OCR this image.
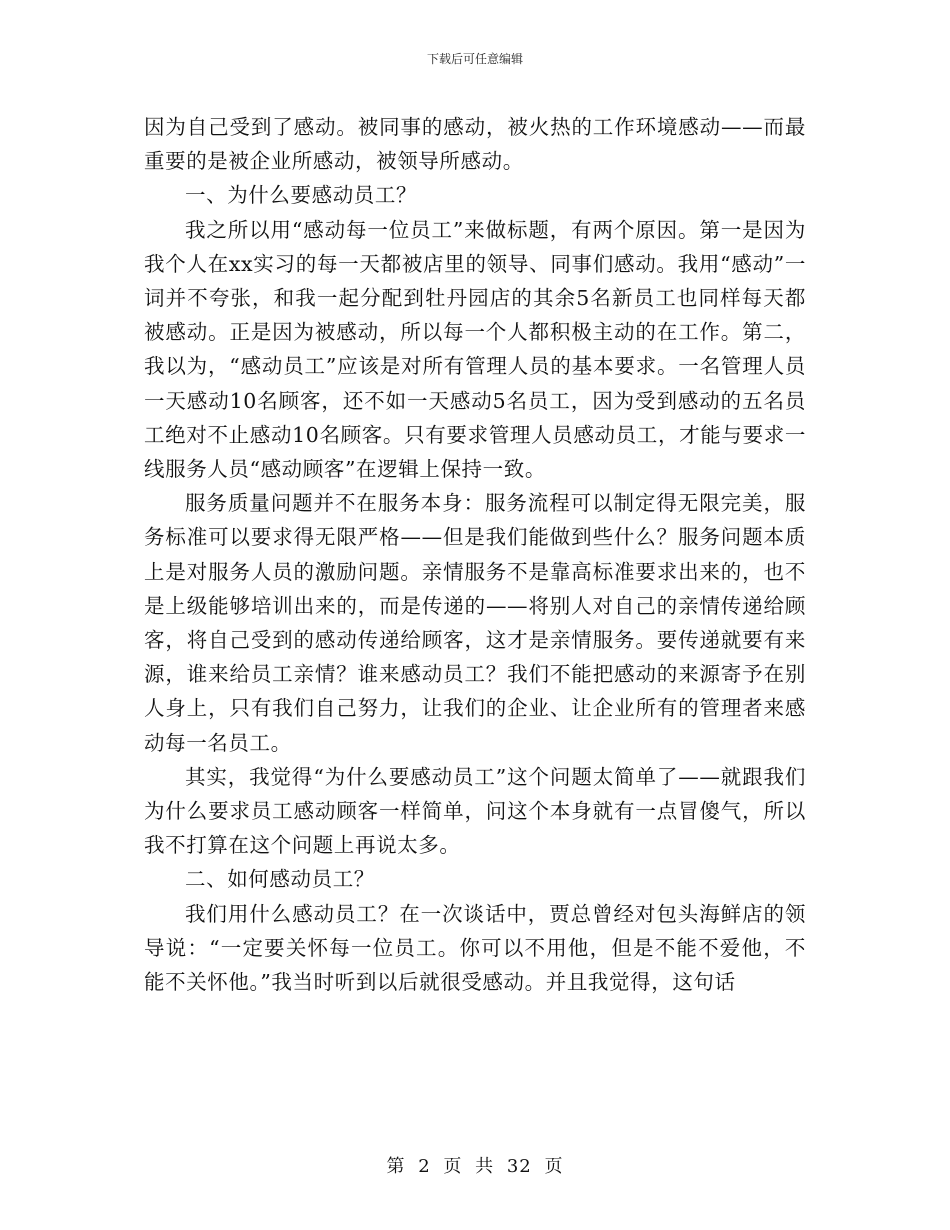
下载后可任意编辑

因为自己受到了感动。被同事的感动，被火热的工作环境感动——而最重要的是被企业所感动，被领导所感动。

一、为什么要感动员工？

我之所以用“感动每一位员工”来做标题，有两个原因。第一是因为我个人在xx实习的每一天都被店里的领导、同事们感动。我用“感动”一词并不夸张，和我一起分配到牡丹园店的其余5名新员工也同样每天都被感动。正是因为被感动，所以每一个人都积极主动的在工作。第二，我以为，“感动员工”应该是对所有管理人员的基本要求。一名管理人员一天感动10名顾客，还不如一天感动5名员工，因为受到感动的五名员工绝对不止感动10名顾客。只有要求管理人员感动员工，才能与要求一线服务人员“感动顾客”在逻辑上保持一致。

服务质量问题并不在服务本身：服务流程可以制定得无限完美，服务标准可以要求得无限严格——但是我们能做到些什么？服务问题本质上是对服务人员的激励问题。亲情服务不是靠高标准要求出来的，也不是上级能够培训出来的，而是传递的——将别人对自己的亲情传递给顾客，将自己受到的感动传递给顾客，这才是亲情服务。要传递就要有来源，谁来给员工亲情？谁来感动员工？我们不能把感动的来源寄予在别人身上，只有我们自己努力，让我们的企业、让企业所有的管理者来感动每一名员工。

其实，我觉得“为什么要感动员工”这个问题太简单了——就跟我们为什么要求员工感动顾客一样简单，问这个本身就有一点冒傻气，所以我不打算在这个问题上再说太多。

二、如何感动员工？

我们用什么感动员工？在一次谈话中，贾总曾经对包头海鲜店的领导说：“一定要关怀每一位员工。你可以不用他，但是不能不爱他，不能不关怀他。”我当时听到以后就很受感动。并且我觉得，这句话

第 2 页 共 32 页
